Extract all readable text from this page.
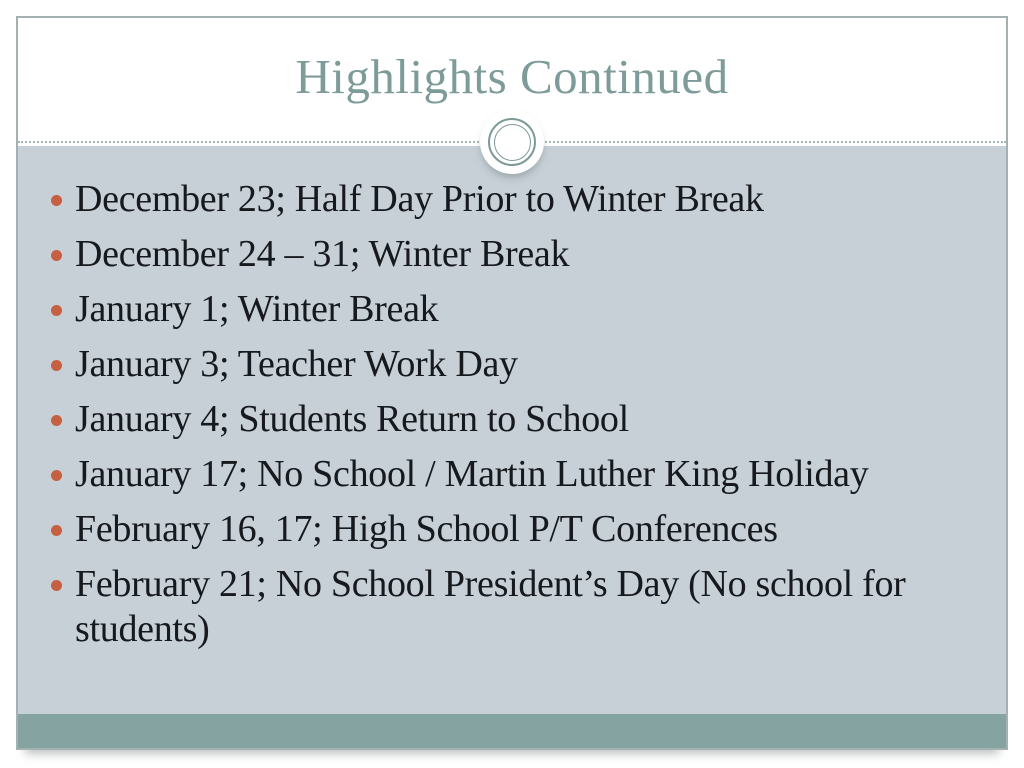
Highlights Continued
December 23; Half Day Prior to Winter Break
December 24 – 31; Winter Break
January 1; Winter Break
January 3; Teacher Work Day
January 4; Students Return to School
January 17; No School / Martin Luther King Holiday
February 16, 17; High School P/T Conferences
February 21; No School President’s Day (No school for students)
